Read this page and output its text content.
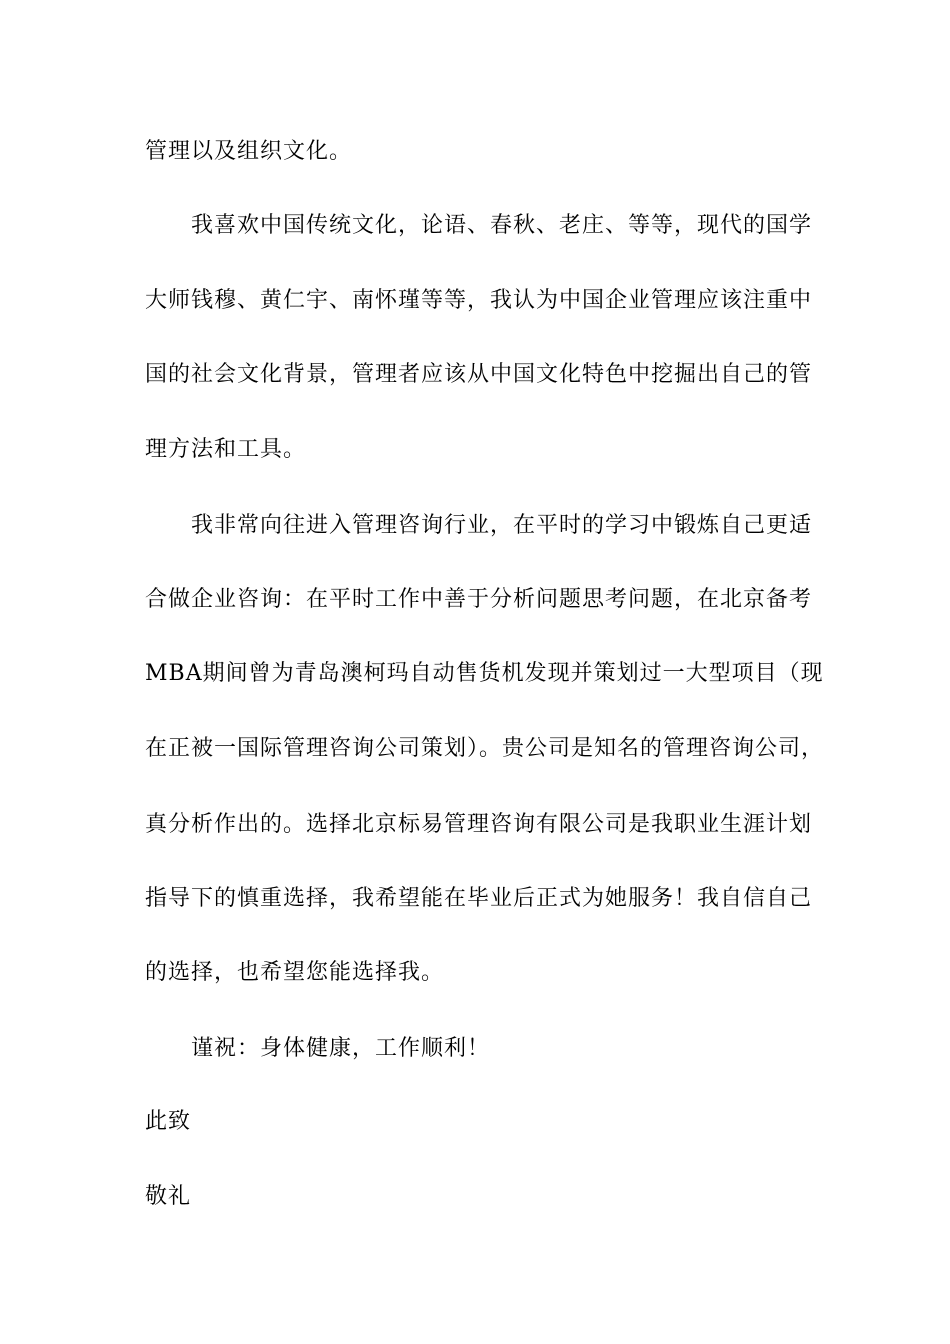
管理以及组织文化。
我喜欢中国传统文化，论语、春秋、老庄、等等，现代的国学
大师钱穆、黄仁宇、南怀瑾等等，我认为中国企业管理应该注重中
国的社会文化背景，管理者应该从中国文化特色中挖掘出自己的管
理方法和工具。
我非常向往进入管理咨询行业，在平时的学习中锻炼自己更适
合做企业咨询：在平时工作中善于分析问题思考问题，在北京备考
MBA期间曾为青岛澳柯玛自动售货机发现并策划过一大型项目（现
在正被一国际管理咨询公司策划）。贵公司是知名的管理咨询公司，
真分析作出的。选择北京标易管理咨询有限公司是我职业生涯计划
指导下的慎重选择，我希望能在毕业后正式为她服务！我自信自己
的选择，也希望您能选择我。
谨祝：身体健康，工作顺利！
此致
敬礼
